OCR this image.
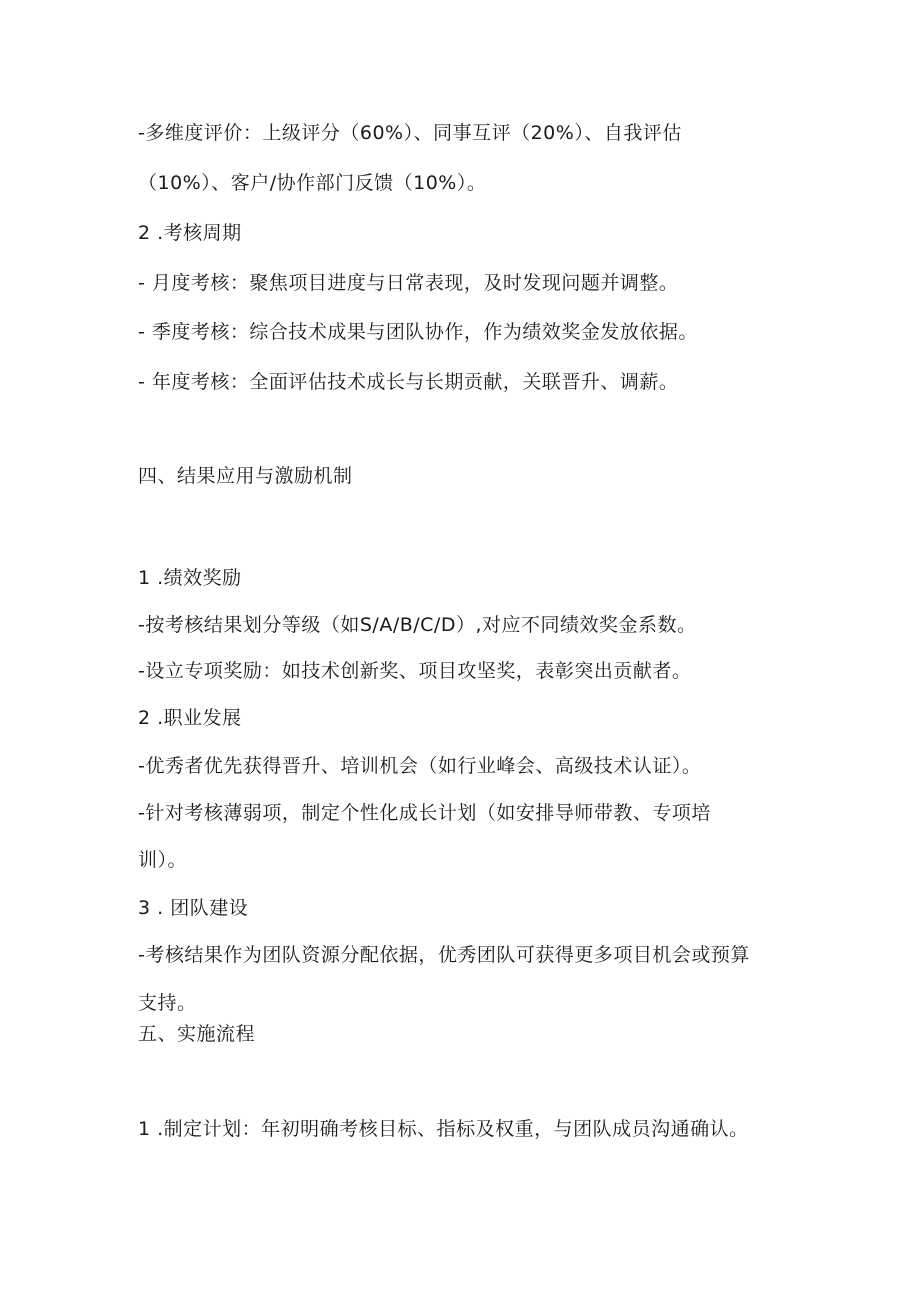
-多维度评价：上级评分（60%）、同事互评（20%）、自我评估
（10%）、客户/协作部门反馈（10%）。
2 .考核周期
- 月度考核：聚焦项目进度与日常表现，及时发现问题并调整。
- 季度考核：综合技术成果与团队协作，作为绩效奖金发放依据。
- 年度考核：全面评估技术成长与长期贡献，关联晋升、调薪。
四、结果应用与激励机制
1 .绩效奖励
-按考核结果划分等级（如S/A/B/C/D）,对应不同绩效奖金系数。
-设立专项奖励：如技术创新奖、项目攻坚奖，表彰突出贡献者。
2 .职业发展
-优秀者优先获得晋升、培训机会（如行业峰会、高级技术认证）。
-针对考核薄弱项，制定个性化成长计划（如安排导师带教、专项培
训）。
3 . 团队建设
-考核结果作为团队资源分配依据，优秀团队可获得更多项目机会或预算
支持。
五、实施流程
1 .制定计划：年初明确考核目标、指标及权重，与团队成员沟通确认。
